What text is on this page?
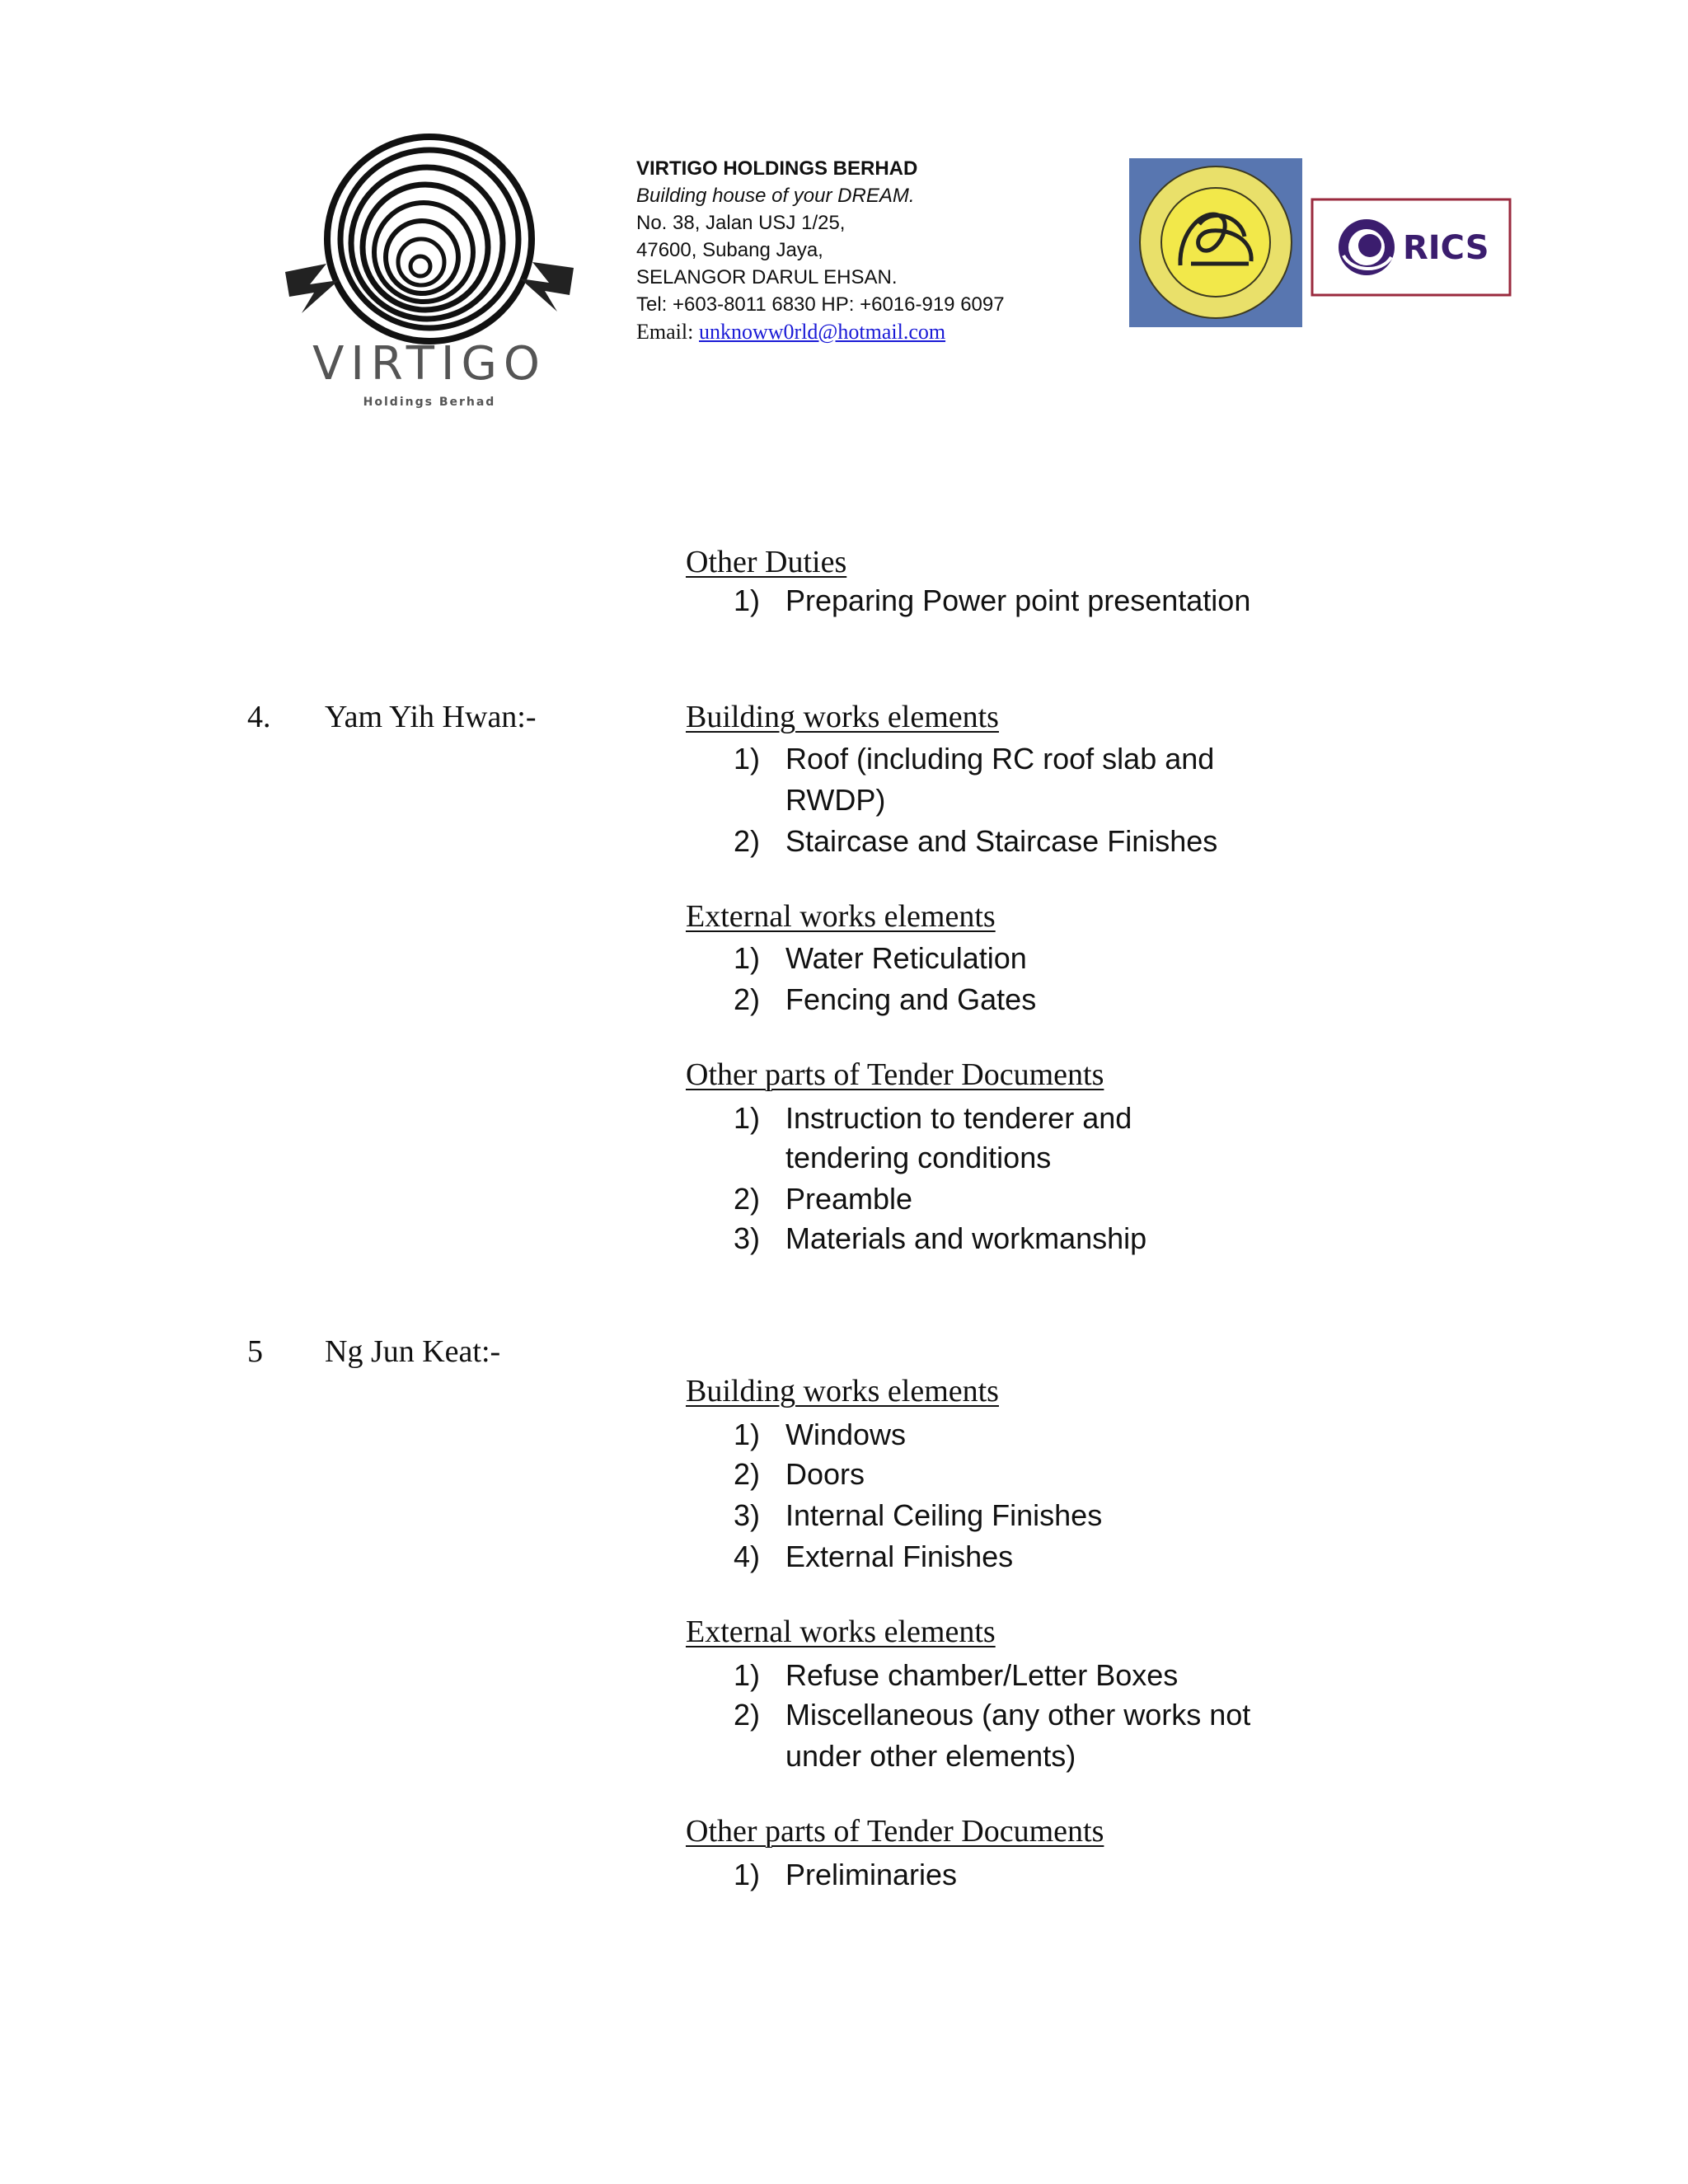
VIRTIGO
Holdings Berhad
VIRTIGO HOLDINGS BERHAD
Building house of your DREAM.
No. 38, Jalan USJ 1/25,
47600, Subang Jaya,
SELANGOR DARUL EHSAN.
Tel: +603-8011 6830 HP: +6016-919 6097
Email: unknoww0rld@hotmail.com
RICS
Other Duties
1) Preparing Power point presentation
4. Yam Yih Hwan:-	Building works elements
1) Roof (including RC roof slab and
RWDP)
2) Staircase and Staircase Finishes
External works elements
1) Water Reticulation
2) Fencing and Gates
Other parts of Tender Documents
1) Instruction to tenderer and
tendering conditions
2) Preamble
3) Materials and workmanship
5 Ng Jun Keat:-
Building works elements
1) Windows
2) Doors
3) Internal Ceiling Finishes
4) External Finishes
External works elements
1) Refuse chamber/Letter Boxes
2) Miscellaneous (any other works not
under other elements)
Other parts of Tender Documents
1) Preliminaries
